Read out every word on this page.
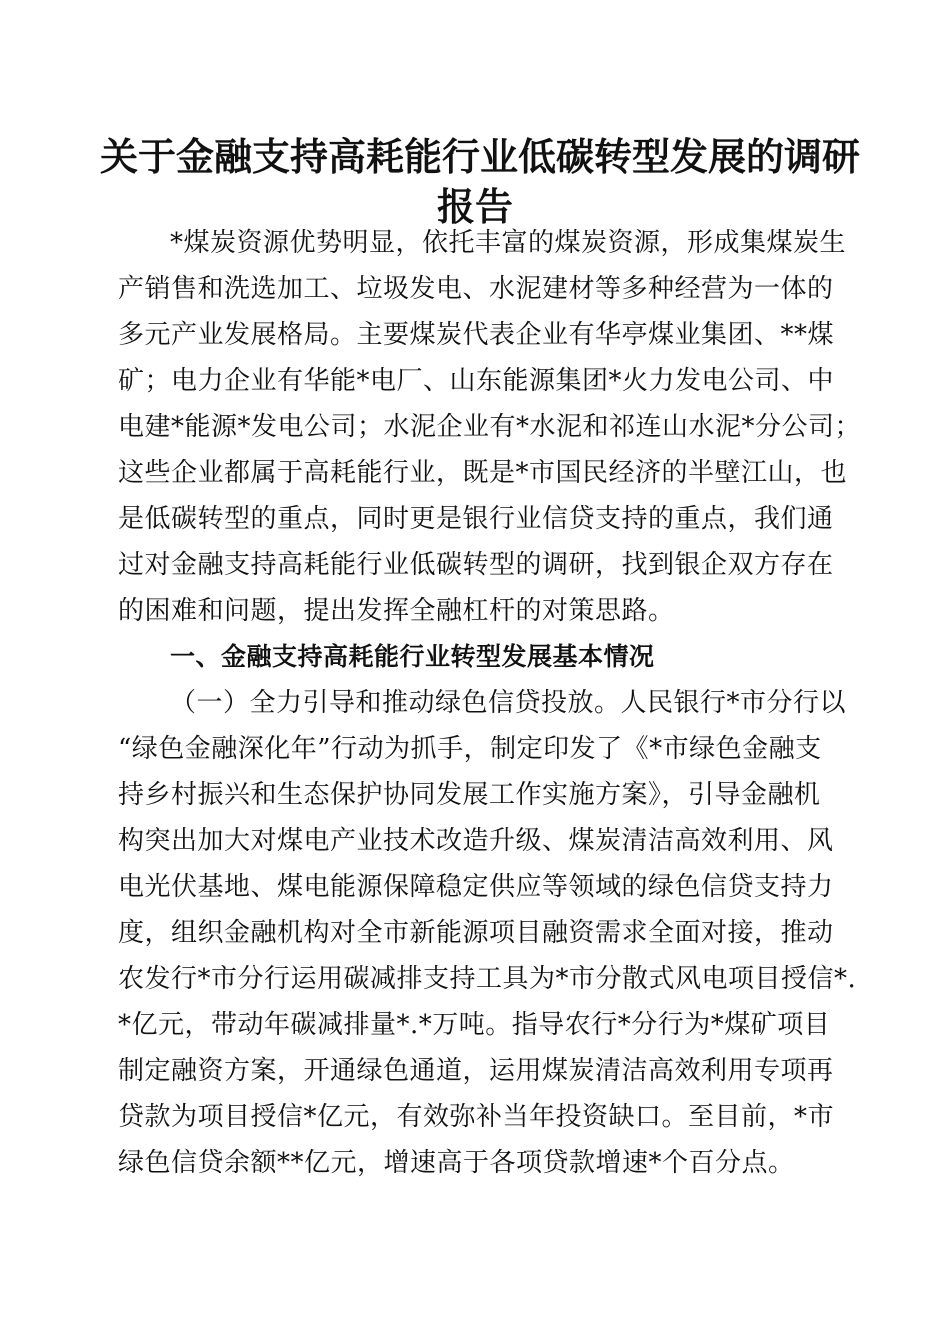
关于金融支持高耗能行业低碳转型发展的调研
报告
*煤炭资源优势明显，依托丰富的煤炭资源，形成集煤炭生
产销售和洗选加工、垃圾发电、水泥建材等多种经营为一体的
多元产业发展格局。主要煤炭代表企业有华亭煤业集团、**煤
矿；电力企业有华能*电厂、山东能源集团*火力发电公司、中
电建*能源*发电公司；水泥企业有*水泥和祁连山水泥*分公司；
这些企业都属于高耗能行业，既是*市国民经济的半壁江山，也
是低碳转型的重点，同时更是银行业信贷支持的重点，我们通
过对金融支持高耗能行业低碳转型的调研，找到银企双方存在
的困难和问题，提出发挥全融杠杆的对策思路。
一、金融支持高耗能行业转型发展基本情况
（一）全力引导和推动绿色信贷投放。人民银行*市分行以
“绿色金融深化年”行动为抓手，制定印发了《*市绿色金融支
持乡村振兴和生态保护协同发展工作实施方案》，引导金融机
构突出加大对煤电产业技术改造升级、煤炭清洁高效利用、风
电光伏基地、煤电能源保障稳定供应等领域的绿色信贷支持力
度，组织金融机构对全市新能源项目融资需求全面对接，推动
农发行*市分行运用碳减排支持工具为*市分散式风电项目授信*.
*亿元，带动年碳减排量*.*万吨。指导农行*分行为*煤矿项目
制定融资方案，开通绿色通道，运用煤炭清洁高效利用专项再
贷款为项目授信*亿元，有效弥补当年投资缺口。至目前，*市
绿色信贷余额**亿元，增速高于各项贷款增速*个百分点。
